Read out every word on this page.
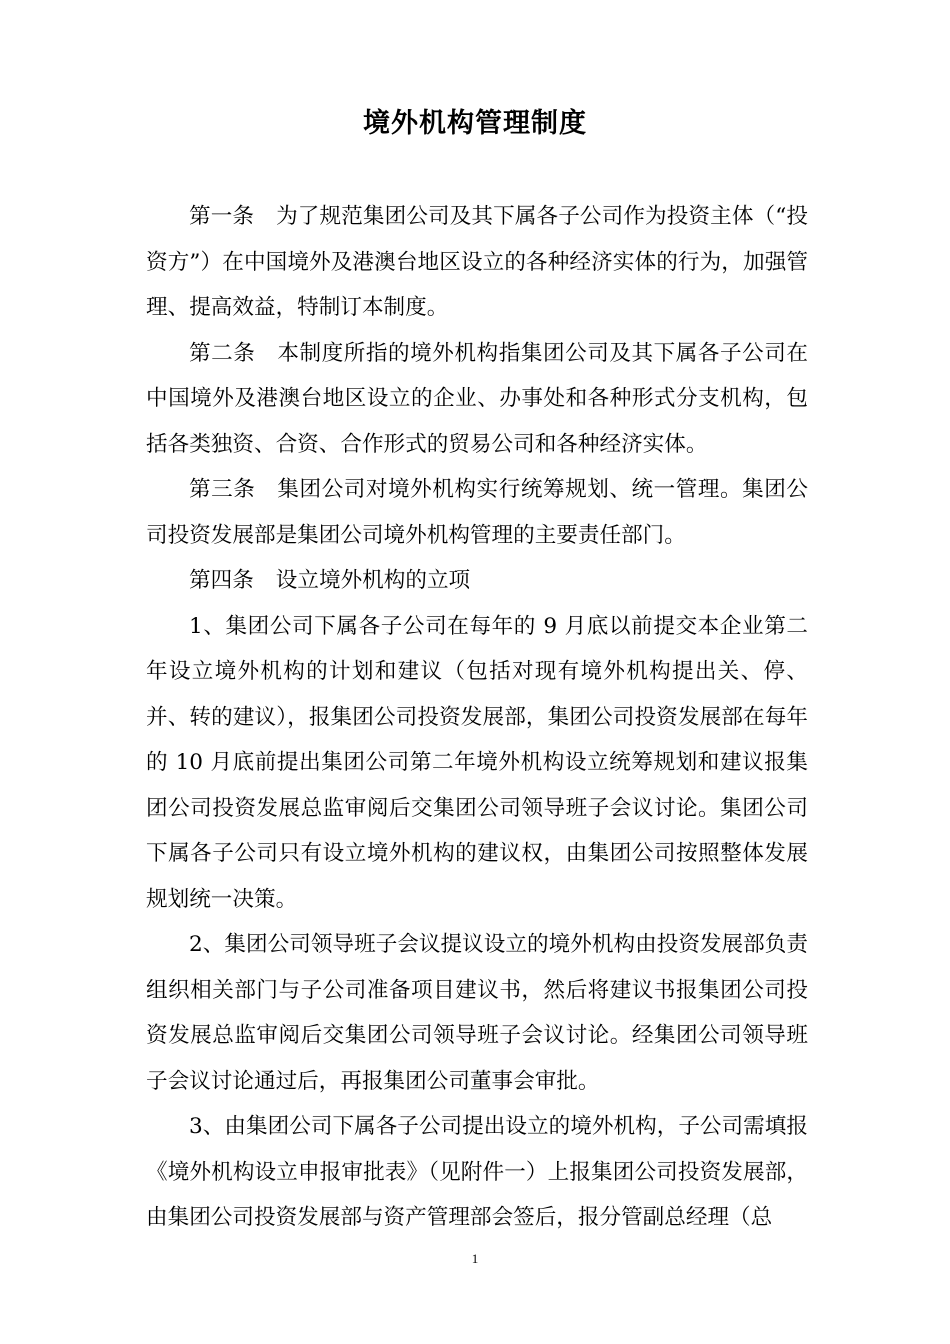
境外机构管理制度

第一条 为了规范集团公司及其下属各子公司作为投资主体（“投资方”）在中国境外及港澳台地区设立的各种经济实体的行为，加强管理、提高效益，特制订本制度。

第二条 本制度所指的境外机构指集团公司及其下属各子公司在中国境外及港澳台地区设立的企业、办事处和各种形式分支机构，包括各类独资、合资、合作形式的贸易公司和各种经济实体。

第三条 集团公司对境外机构实行统筹规划、统一管理。集团公司投资发展部是集团公司境外机构管理的主要责任部门。

第四条 设立境外机构的立项

1、集团公司下属各子公司在每年的 9 月底以前提交本企业第二年设立境外机构的计划和建议（包括对现有境外机构提出关、停、并、转的建议），报集团公司投资发展部，集团公司投资发展部在每年的 10 月底前提出集团公司第二年境外机构设立统筹规划和建议报集团公司投资发展总监审阅后交集团公司领导班子会议讨论。集团公司下属各子公司只有设立境外机构的建议权，由集团公司按照整体发展规划统一决策。

2、集团公司领导班子会议提议设立的境外机构由投资发展部负责组织相关部门与子公司准备项目建议书，然后将建议书报集团公司投资发展总监审阅后交集团公司领导班子会议讨论。经集团公司领导班子会议讨论通过后，再报集团公司董事会审批。

3、由集团公司下属各子公司提出设立的境外机构，子公司需填报《境外机构设立申报审批表》（见附件一）上报集团公司投资发展部，由集团公司投资发展部与资产管理部会签后，报分管副总经理（总

1
